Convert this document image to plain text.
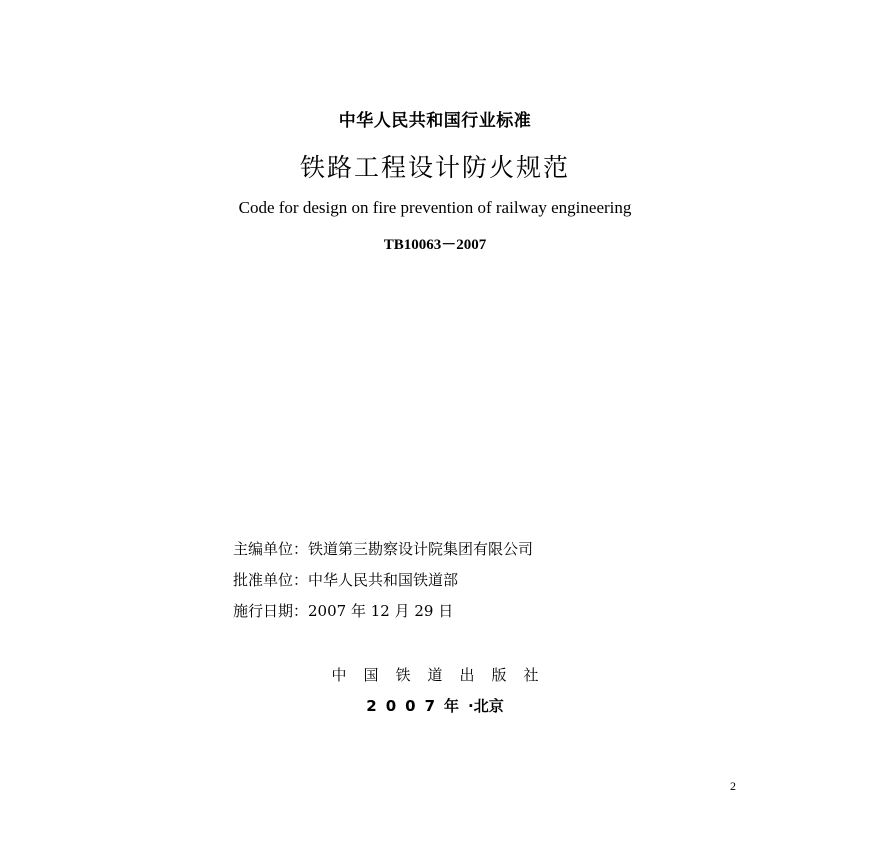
中华人民共和国行业标准
铁路工程设计防火规范
Code for design on fire prevention of railway engineering
TB10063－2007
主编单位：铁道第三勘察设计院集团有限公司
批准单位：中华人民共和国铁道部
施行日期：2007 年 12 月 29 日
中国铁道出版社
2007年·北京
2
